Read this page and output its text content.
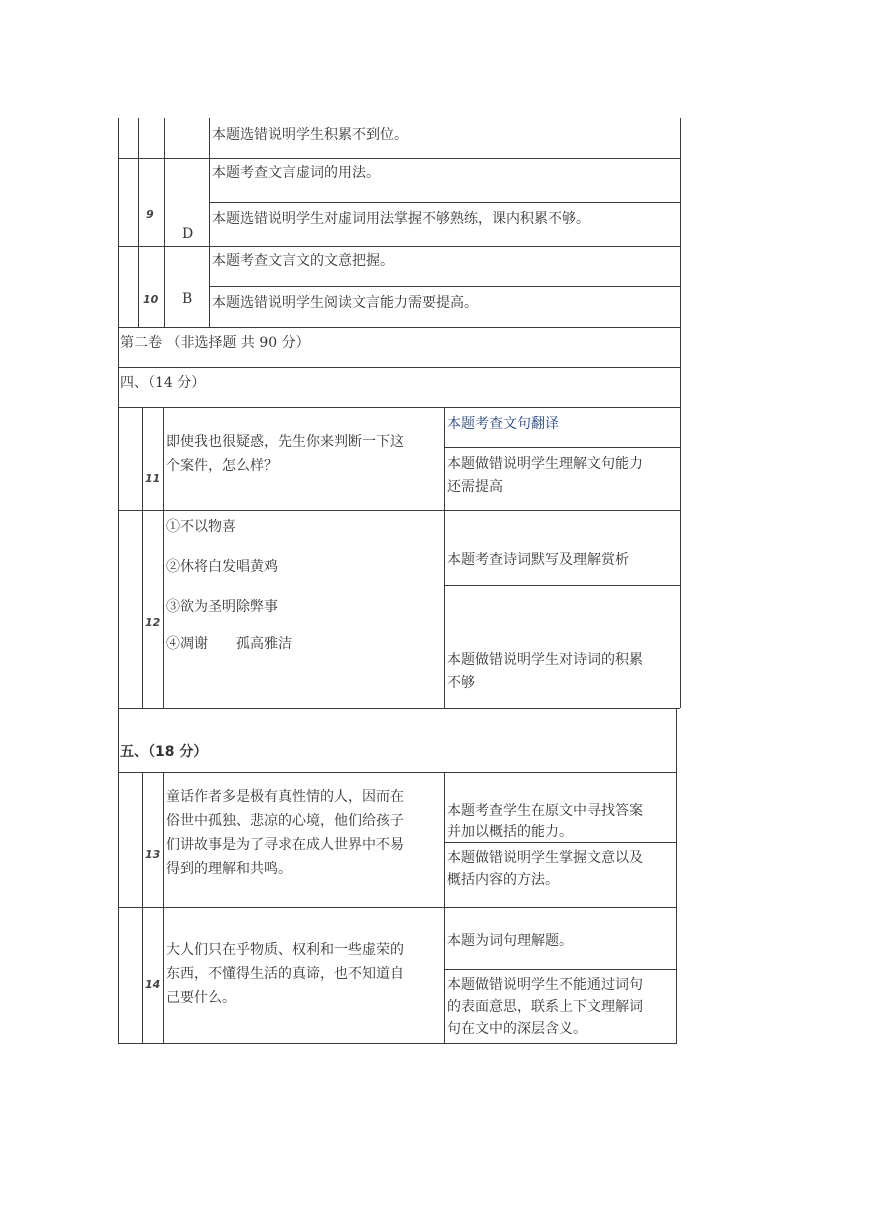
本题选错说明学生积累不到位。
9
D
本题考查文言虚词的用法。
本题选错说明学生对虚词用法掌握不够熟练，课内积累不够。
10 B
本题考查文言文的文意把握。
本题选错说明学生阅读文言能力需要提高。
第二卷 （非选择题 共 90 分）
四、（14 分）
11
即使我也很疑惑，先生你来判断一下这
个案件，怎么样？
本题考查文句翻译
本题做错说明学生理解文句能力
还需提高
12
①不以物喜
②休将白发唱黄鸡
③欲为圣明除弊事
④凋谢　　孤高雅洁
本题考查诗词默写及理解赏析
本题做错说明学生对诗词的积累
不够
五、（18 分）
13
童话作者多是极有真性情的人，因而在
俗世中孤独、悲凉的心境，他们给孩子
们讲故事是为了寻求在成人世界中不易
得到的理解和共鸣。
本题考查学生在原文中寻找答案
并加以概括的能力。
本题做错说明学生掌握文意以及
概括内容的方法。
14
大人们只在乎物质、权利和一些虚荣的
东西，不懂得生活的真谛，也不知道自
己要什么。
本题为词句理解题。
本题做错说明学生不能通过词句
的表面意思，联系上下文理解词
句在文中的深层含义。
